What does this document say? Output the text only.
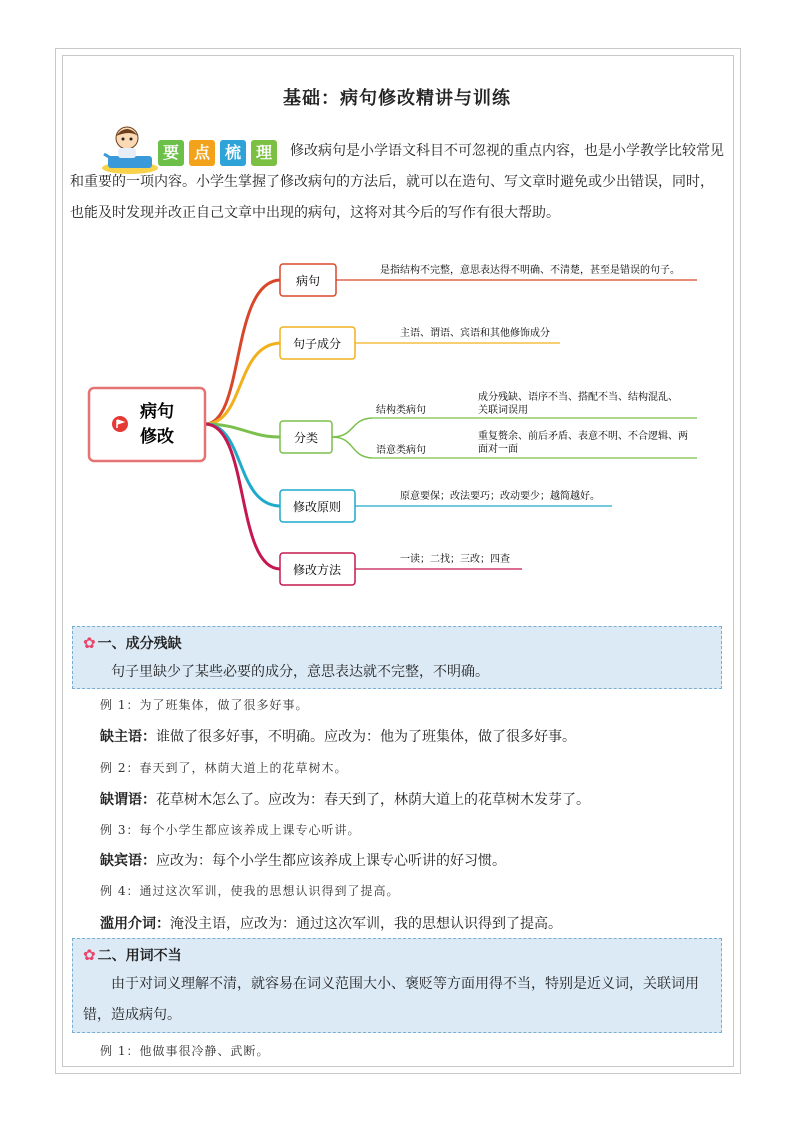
基础：病句修改精讲与训练
要 点 梳 理	修改病句是小学语文科目不可忽视的重点内容，也是小学教学比较常见
和重要的一项内容。小学生掌握了修改病句的方法后，就可以在造句、写文章时避免或少出错误，同时，
也能及时发现并改正自己文章中出现的病句，这将对其今后的写作有很大帮助。
病句
修改
病句
是指结构不完整，意思表达得不明确、不清楚，甚至是错误的句子。
句子成分
主语、谓语、宾语和其他修饰成分
分类
结构类病句
语意类病句
成分残缺、语序不当、搭配不当、结构混乱、
关联词误用
重复赘余、前后矛盾、表意不明、不合逻辑、两
面对一面
修改原则
原意要保；改法要巧；改动要少；越简越好。
修改方法
一读；二找；三改；四查
✿ 一、成分残缺
句子里缺少了某些必要的成分，意思表达就不完整，不明确。
例 1：为了班集体，做了很多好事。
缺主语：谁做了很多好事，不明确。应改为：他为了班集体，做了很多好事。
例 2：春天到了，林荫大道上的花草树木。
缺谓语：花草树木怎么了。应改为：春天到了，林荫大道上的花草树木发芽了。
例 3：每个小学生都应该养成上课专心听讲。
缺宾语：应改为：每个小学生都应该养成上课专心听讲的好习惯。
例 4：通过这次军训，使我的思想认识得到了提高。
滥用介词：淹没主语，应改为：通过这次军训，我的思想认识得到了提高。
✿ 二、用词不当
由于对词义理解不清，就容易在词义范围大小、褒贬等方面用得不当，特别是近义词，关联词用错，造成病句。
例 1：他做事很冷静、武断。
